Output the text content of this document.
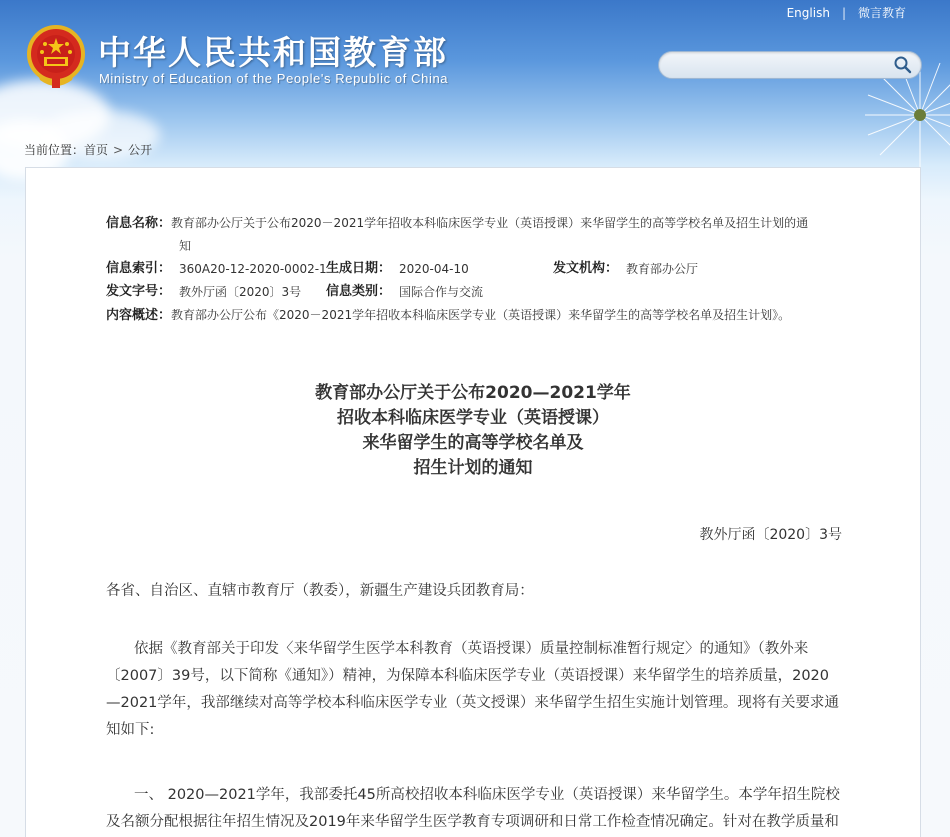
English | 微言教育
中华人民共和国教育部
Ministry of Education of the People's Republic of China
当前位置：首页 > 公开
信息名称：教育部办公厅关于公布2020－2021学年招收本科临床医学专业（英语授课）来华留学生的高等学校名单及招生计划的通
知
信息索引： 360A20-12-2020-0002-1 生成日期： 2020-04-10	发文机构： 教育部办公厅
发文字号： 教外厅函〔2020〕3号 信息类别： 国际合作与交流
内容概述：教育部办公厅公布《2020－2021学年招收本科临床医学专业（英语授课）来华留学生的高等学校名单及招生计划》。
教育部办公厅关于公布2020—2021学年
招收本科临床医学专业（英语授课）
来华留学生的高等学校名单及
招生计划的通知
教外厅函〔2020〕3号
各省、自治区、直辖市教育厅（教委），新疆生产建设兵团教育局：
依据《教育部关于印发〈来华留学生医学本科教育（英语授课）质量控制标准暂行规定〉的通知》（教外来〔2007〕39号，以下简称《通知》）精神，为保障本科临床医学专业（英语授课）来华留学生的培养质量，2020—2021学年，我部继续对高等学校本科临床医学专业（英文授课）来华留学生招生实施计划管理。现将有关要求通知如下:
一、 2020—2021学年，我部委托45所高校招收本科临床医学专业（英语授课）来华留学生。本学年招生院校及名额分配根据往年招生情况及2019年来华留学生医学教育专项调研和日常工作检查情况确定。针对在教学质量和
